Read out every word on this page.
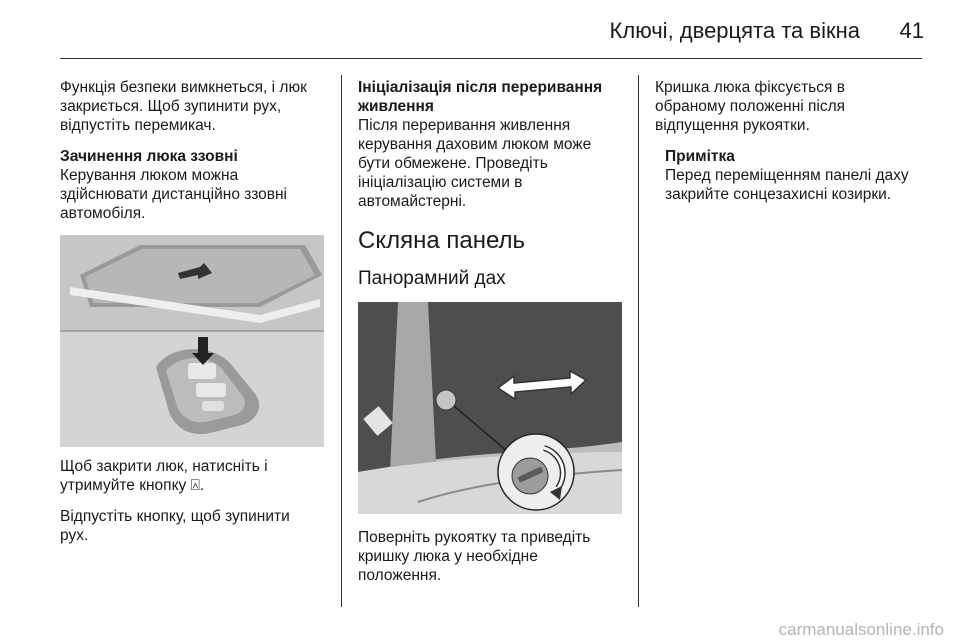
Ключі, дверцята та вікна	41

Функція безпеки вимкнеться, і люк
закриється. Щоб зупинити рух,
відпустіть перемикач.

Зачинення люка ззовні

Керування люком можна
здійснювати дистанційно ззовні
автомобіля.

Щоб закрити люк, натисніть і
утримуйте кнопку ⍓.

Відпустіть кнопку, щоб зупинити
рух.

Ініціалізація після переривання
живлення

Після переривання живлення
керування даховим люком може
бути обмежене. Проведіть
ініціалізацію системи в
автомайстерні.

Скляна панель

Панорамний дах

Поверніть рукоятку та приведіть
кришку люка у необхідне
положення.

Кришка люка фіксується в
обраному положенні після
відпущення рукоятки.

Примітка

Перед переміщенням панелі даху
закрийте сонцезахисні козирки.

carmanualsonline.info
